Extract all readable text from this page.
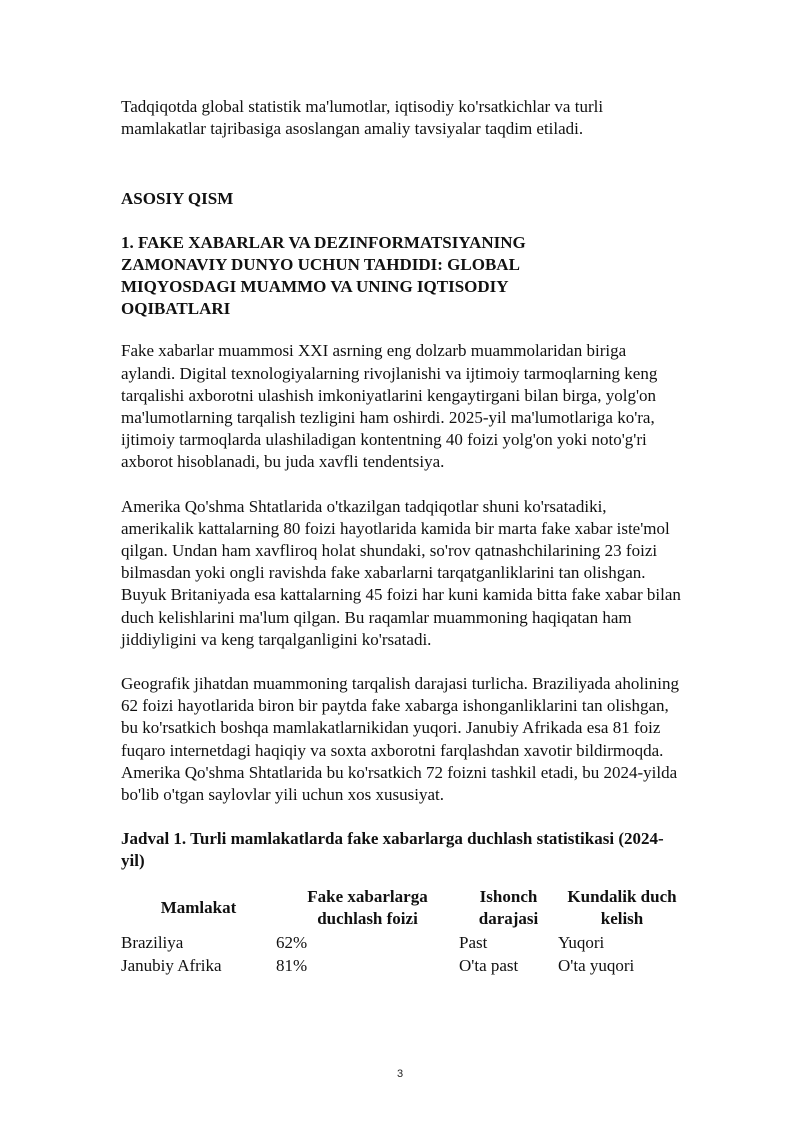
Tadqiqotda global statistik ma'lumotlar, iqtisodiy ko'rsatkichlar va turli mamlakatlar tajribasiga asoslangan amaliy tavsiyalar taqdim etiladi.

ASOSIY QISM
1. FAKE XABARLAR VA DEZINFORMATSIYANING ZAMONAVIY DUNYO UCHUN TAHDIDI: GLOBAL MIQYOSDAGI MUAMMO VA UNING IQTISODIY OQIBATLARI

Fake xabarlar muammosi XXI asrning eng dolzarb muammolaridan biriga aylandi. Digital texnologiyalarning rivojlanishi va ijtimoiy tarmoqlarning keng tarqalishi axborotni ulashish imkoniyatlarini kengaytirgani bilan birga, yolg'on ma'lumotlarning tarqalish tezligini ham oshirdi. 2025-yil ma'lumotlariga ko'ra, ijtimoiy tarmoqlarda ulashiladigan kontentning 40 foizi yolg'on yoki noto'g'ri axborot hisoblanadi, bu juda xavfli tendentsiya.

Amerika Qo'shma Shtatlarida o'tkazilgan tadqiqotlar shuni ko'rsatadiki, amerikalik kattalarning 80 foizi hayotlarida kamida bir marta fake xabar iste'mol qilgan. Undan ham xavfliroq holat shundaki, so'rov qatnashchilarining 23 foizi bilmasdan yoki ongli ravishda fake xabarlarni tarqatganliklarini tan olishgan. Buyuk Britaniyada esa kattalarning 45 foizi har kuni kamida bitta fake xabar bilan duch kelishlarini ma'lum qilgan. Bu raqamlar muammoning haqiqatan ham jiddiyligini va keng tarqalganligini ko'rsatadi.

Geografik jihatdan muammoning tarqalish darajasi turlicha. Braziliyada aholining 62 foizi hayotlarida biron bir paytda fake xabarga ishonganliklarini tan olishgan, bu ko'rsatkich boshqa mamlakatlarnikidan yuqori. Janubiy Afrikada esa 81 foiz fuqaro internetdagi haqiqiy va soxta axborotni farqlashdan xavotir bildirmoqda. Amerika Qo'shma Shtatlarida bu ko'rsatkich 72 foizni tashkil etadi, bu 2024-yilda bo'lib o'tgan saylovlar yili uchun xos xususiyat.

Jadval 1. Turli mamlakatlarda fake xabarlarga duchlash statistikasi (2024-yil)
Mamlakat	Fake xabarlarga duchlash foizi	Ishonch darajasi	Kundalik duch kelish
Braziliya	62%	Past	Yuqori
Janubiy Afrika	81%	O'ta past	O'ta yuqori
3
